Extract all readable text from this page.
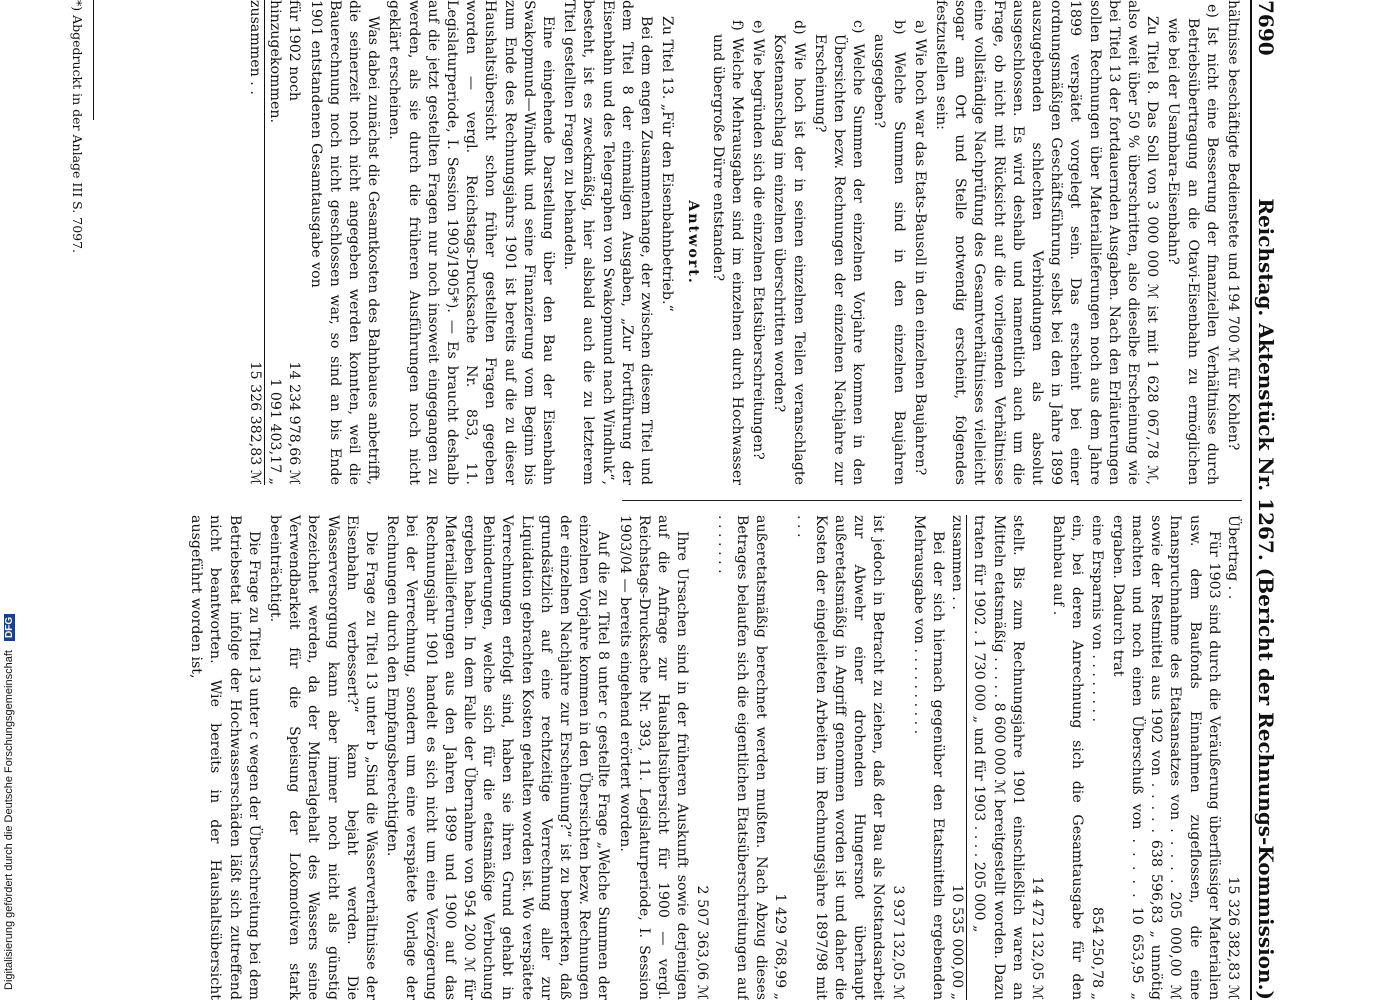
Digitalisierung gefördert durch die Deutsche Forschungsgemeinschaft DFG
7690
Reichstag. Aktenstück Nr. 1267. (Bericht der Rechnungs-Kommission.)

hältnisse beschäftigte Bedienstete und 194 700 ℳ für Kohlen?

e) Ist nicht eine Besserung der finanziellen Verhältnisse durch Betriebsübertragung an die Otavi-Eisenbahn zu ermöglichen wie bei der Usambara-Eisenbahn?

Zu Titel 8. Das Soll von 3 000 000 ℳ ist mit 1 628 067,78 ℳ, also weit über 50 % überschritten, also dieselbe Erscheinung wie bei Titel 13 der fortdauernden Ausgaben. Nach den Erläuterungen sollen Rechnungen über Materiallieferungen noch aus dem Jahre 1899 verspätet vorgelegt sein. Das erscheint bei einer ordnungsmäßigen Geschäftsführung selbst bei den in Jahre 1899 auszugebenden schlechten Verbindungen als absolut ausgeschlossen. Es wird deshalb und namentlich auch um die Frage, ob nicht mit Rücksicht auf die vorliegenden Verhältnisse eine vollständige Nachprüfung des Gesamtverhältnisses vielleicht sogar am Ort und Stelle notwendig erscheint, folgendes festzustellen sein:

a) Wie hoch war das Etats-Bausoll in den einzelnen Baujahren?

b) Welche Summen sind in den einzelnen Baujahren ausgegeben?

c) Welche Summen der einzelnen Vorjahre kommen in den Übersichten bezw. Rechnungen der einzelnen Nachjahre zur Erscheinung?

d) Wie hoch ist der in seinen einzelnen Teilen veranschlagte Kostenanschlag im einzelnen überschritten worden?

e) Wie begründen sich die einzelnen Etatsüberschreitungen?

f) Welche Mehrausgaben sind im einzelnen durch Hochwasser und übergroße Dürre entstanden?

Antwort.

Zu Titel 13. „Für den Eisenbahnbetrieb.“

Bei dem engen Zusammenhange, der zwischen diesem Titel und dem Titel 8 der einmaligen Ausgaben, „Zur Fortführung der Eisenbahn und des Telegraphen von Swakopmund nach Windhuk“, besteht, ist es zweckmäßig, hier alsbald auch die zu letzterem Titel gestellten Fragen zu behandeln.

Eine eingehende Darstellung über den Bau der Eisenbahn Swakopmund—Windhuk und seine Finanzierung vom Beginn bis zum Ende des Rechnungsjahrs 1901 ist bereits auf die zu dieser Haushaltsübersicht schon früher gestellten Fragen gegeben worden — vergl. Reichstags-Drucksache Nr. 853, 11. Legislaturperiode, I. Session 1903/1905*). — Es braucht deshalb auf die jetzt gestellten Fragen nur noch insoweit eingegangen zu werden, als sie durch die früheren Ausführungen noch nicht geklärt erscheinen.

Was dabei zunächst die Gesamtkosten des Bahnbaues anbetrifft, die seinerzeit noch nicht angegeben werden konnten, weil die Bauerechnung noch nicht geschlossen war, so sind an bis Ende 1901 entstandenen Gesamtausgabe von

für 1902 noch
14 234 978,66 ℳ
hinzugekommen.
1 091 403,17 „
zusammen . .
15 326 382,83 ℳ
*) Abgedruckt in der Anlage III S. 7097.
Übertrag . .
15 326 382,83 ℳ

Für 1903 sind durch die Veräußerung überflüssiger Materialien usw. dem Baufonds Einnahmen zugeflossen, die eine Inanspruchnahme des Etatsansatzes von . . . . . 205 000,00 ℳ sowie der Restmittel aus 1902 von . . . . . 638 596,83 „ unnötig machten und noch einen Überschuß von . . . . . 10 653,95 „ ergaben. Dadurch trat

eine Ersparnis von . . . . . . . .
854 250,78 „

ein, bei deren Anrechnung sich die Gesamtausgabe für den Bahnbau auf .

14 472 132,05 ℳ

stellt. Bis zum Rechnungsjahre 1901 einschließlich waren an Mitteln etatsmäßig . . . . . 8 600 000 ℳ bereitgestellt worden. Dazu traten für 1902 . 1 730 000 „ und für 1903 . . . . 205 000 „

zusammen . .
10 535 000,00 „

Bei der sich hiernach gegenüber den Etatsmitteln ergebenden Mehrausgabe von . . . . . . . . . .

3 937 132,05 ℳ

ist jedoch in Betracht zu ziehen, daß der Bau als Notstandsarbeit zur Abwehr einer drohenden Hungersnot überhaupt außeretatsmäßig in Angriff genommen worden ist und daher die Kosten der eingeleiteten Arbeiten im Rechnungsjahre 1897/98 mit . . .

1 429 768,99 „

außeretatsmäßig berechnet werden mußten. Nach Abzug dieses Betrages belaufen sich die eigentlichen Etatsüberschreitungen auf . . . . . . .

2 507 363,06 ℳ

Ihre Ursachen sind in der früheren Auskunft sowie derjenigen auf die Anfrage zur Haushaltsübersicht für 1900 — vergl. Reichstags-Drucksache Nr. 393, 11. Legislaturperiode, I. Session 1903/04 — bereits eingehend erörtert worden.

Auf die zu Titel 8 unter c gestellte Frage „Welche Summen der einzelnen Vorjahre kommen in den Übersichten bezw. Rechnungen der einzelnen Nachjahre zur Erscheinung?“ ist zu bemerken, daß grundsätzlich auf eine rechtzeitige Verrechnung aller zur Liquidation gebrachten Kosten gehalten worden ist. Wo verspätete Verrechnungen erfolgt sind, haben sie ihren Grund gehabt in Behinderungen, welche sich für die etatsmäßige Verbuchung ergeben haben. In dem Falle der Übernahme von 954 200 ℳ für Materiallieferungen aus den Jahren 1899 und 1900 auf das Rechnungsjahr 1901 handelt es sich nicht um eine Verzögerung bei der Verrechnung, sondern um eine verspätete Vorlage der Rechnungen durch den Empfangsberechtigten.

Die Frage zu Titel 13 unter b „Sind die Wasserverhältnisse der Eisenbahn verbessert?“ kann bejaht werden. Die Wasserversorgung kann aber immer noch nicht als günstig bezeichnet werden, da der Mineralgehalt des Wassers seine Verwendbarkeit für die Speisung der Lokomotiven stark beeinträchtigt.

Die Frage zu Titel 13 unter c wegen der Überschreitung bei dem Betriebsetat infolge der Hochwasserschäden läßt sich zutreffend nicht beantworten. Wie bereits in der Haushaltsübersicht ausgeführt worden ist,
